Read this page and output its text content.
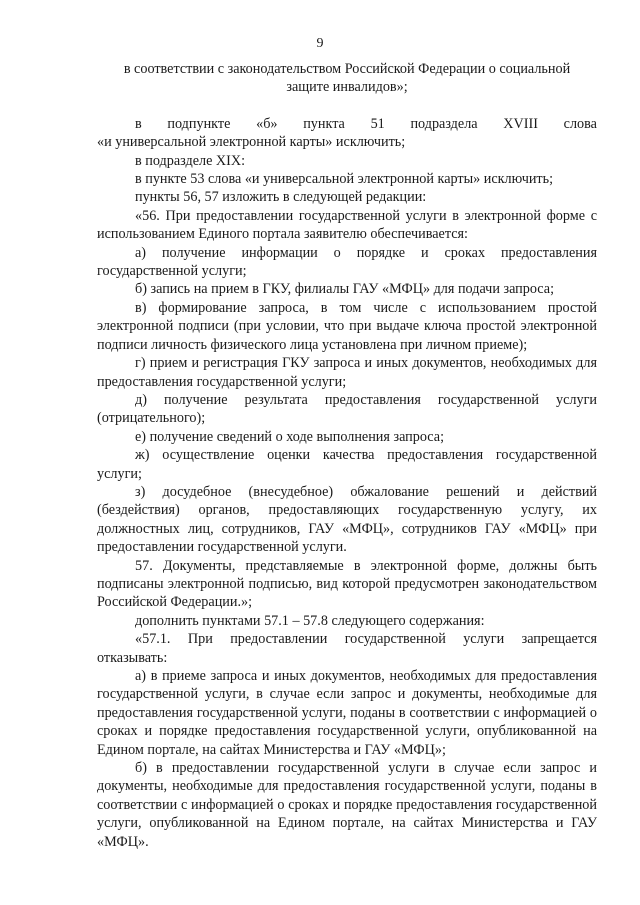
9

в соответствии с законодательством Российской Федерации о социальной

защите инвалидов»;

в подпункте «б» пункта 51 подраздела XVIII слова

«и универсальной электронной карты» исключить;

в подразделе XIX:

в пункте 53 слова «и универсальной электронной карты» исключить;

пункты 56, 57 изложить в следующей редакции:

«56. При предоставлении государственной услуги в электронной форме с использованием Единого портала заявителю обеспечивается:

а) получение информации о порядке и сроках предоставления государственной услуги;

б) запись на прием в ГКУ, филиалы ГАУ «МФЦ» для подачи запроса;

в) формирование запроса, в том числе с использованием простой электронной подписи (при условии, что при выдаче ключа простой электронной подписи личность физического лица установлена при личном приеме);

г) прием и регистрация ГКУ запроса и иных документов, необходимых для предоставления государственной услуги;

д) получение результата предоставления государственной услуги (отрицательного);

е) получение сведений о ходе выполнения запроса;

ж) осуществление оценки качества предоставления государственной услуги;

з) досудебное (внесудебное) обжалование решений и действий (бездействия) органов, предоставляющих государственную услугу, их должностных лиц, сотрудников, ГАУ «МФЦ», сотрудников ГАУ «МФЦ» при предоставлении государственной услуги.

57. Документы, представляемые в электронной форме, должны быть подписаны электронной подписью, вид которой предусмотрен законодательством Российской Федерации.»;

дополнить пунктами 57.1 – 57.8 следующего содержания:

«57.1. При предоставлении государственной услуги запрещается отказывать:

а) в приеме запроса и иных документов, необходимых для предоставления государственной услуги, в случае если запрос и документы, необходимые для предоставления государственной услуги, поданы в соответствии с информацией о сроках и порядке предоставления государственной услуги, опубликованной на Едином портале, на сайтах Министерства и ГАУ «МФЦ»;

б) в предоставлении государственной услуги в случае если запрос и документы, необходимые для предоставления государственной услуги, поданы в соответствии с информацией о сроках и порядке предоставления государственной услуги, опубликованной на Едином портале, на сайтах Министерства и ГАУ «МФЦ».
